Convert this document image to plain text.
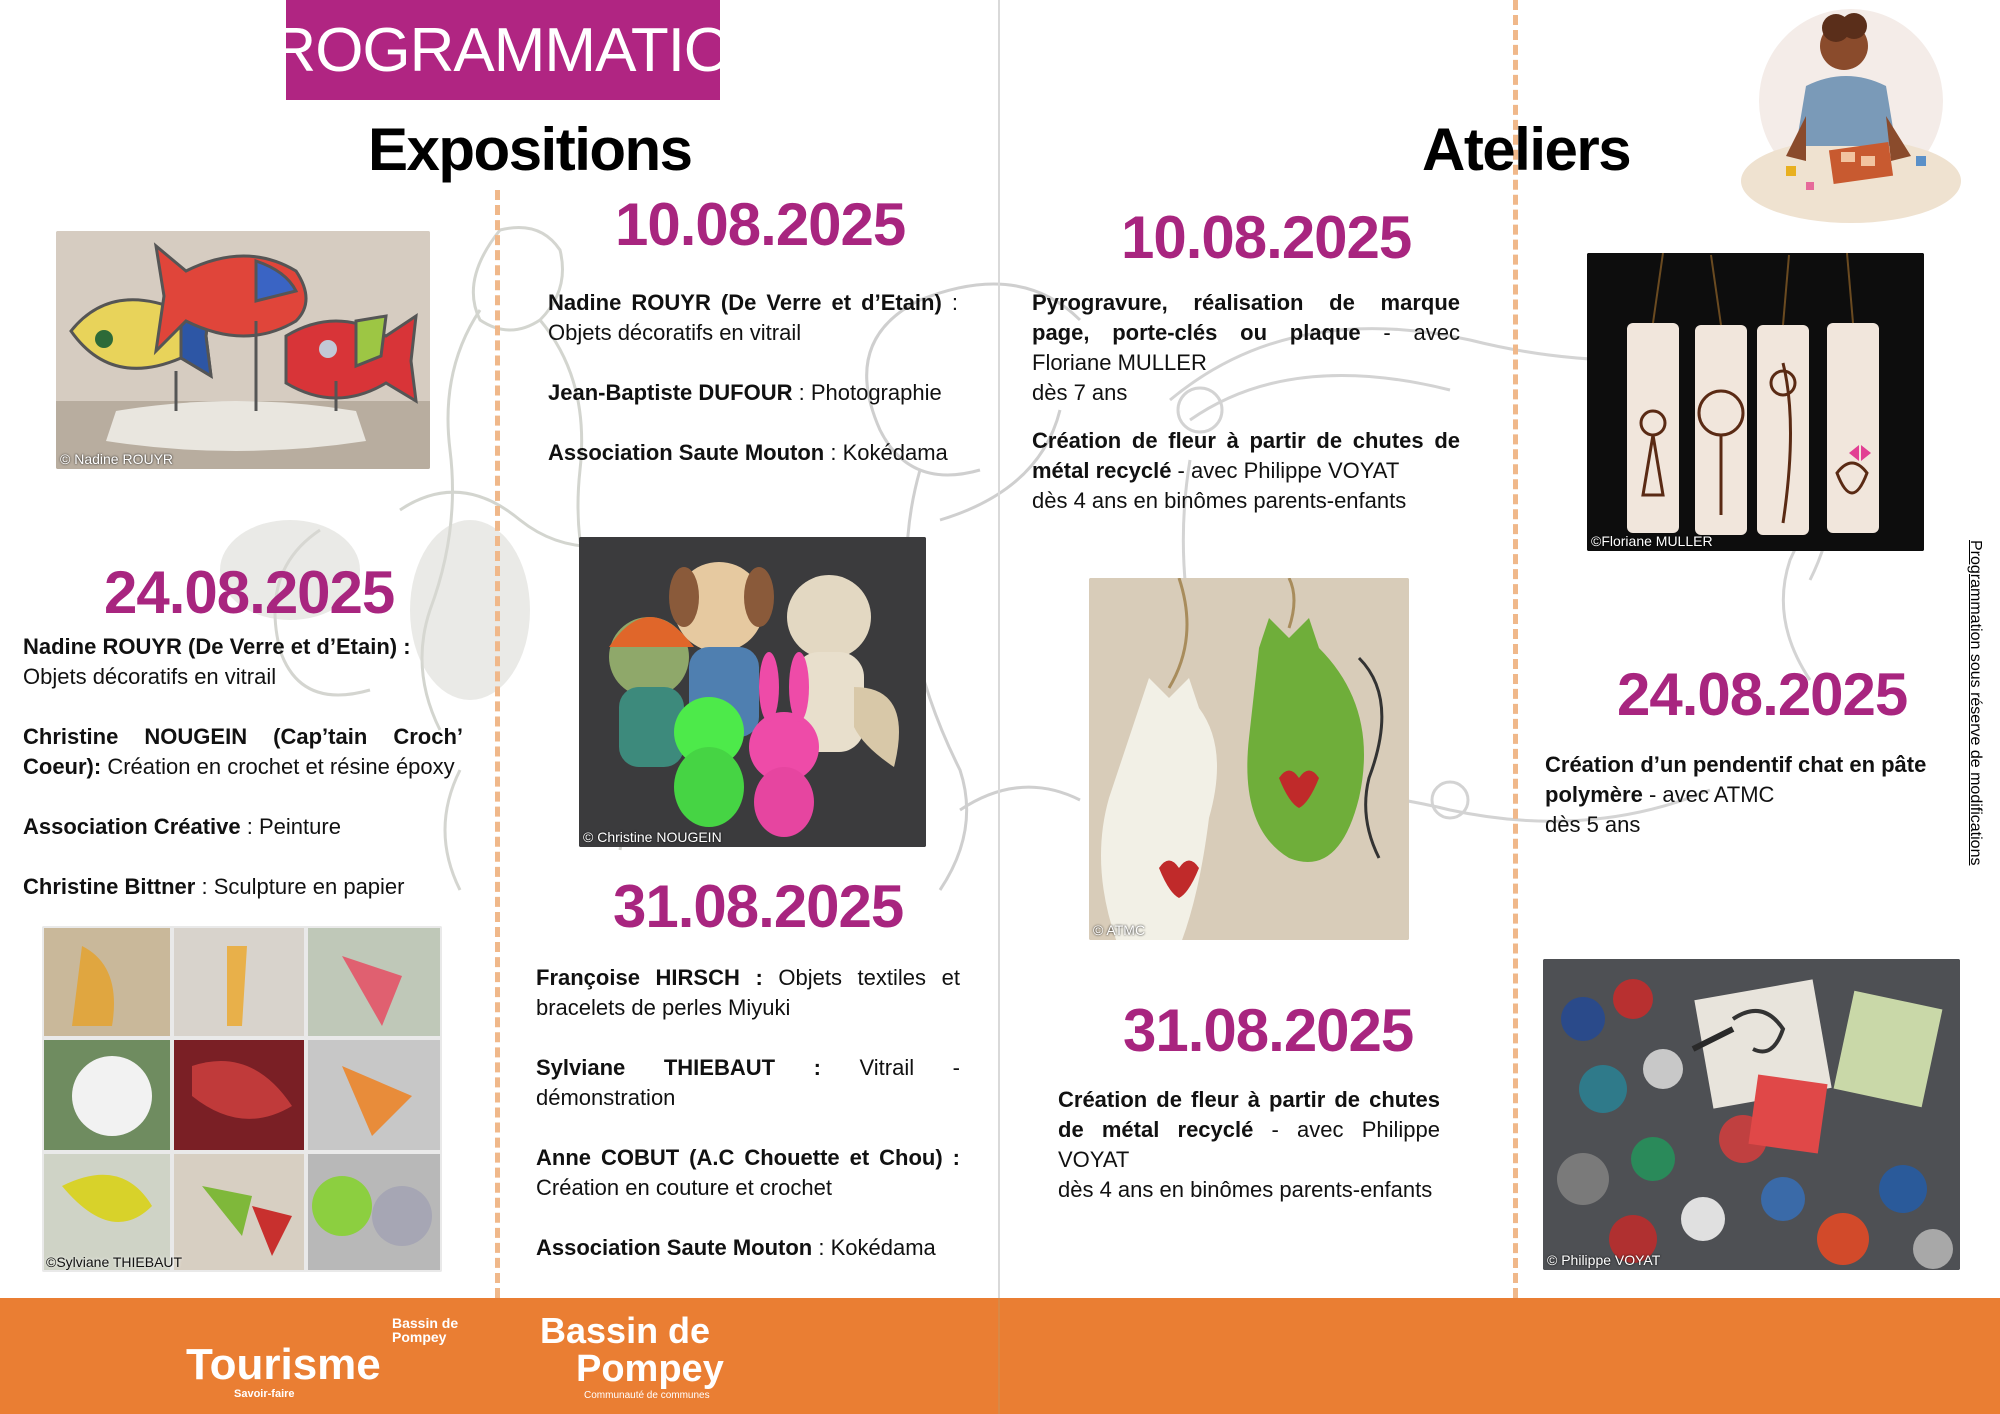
PROGRAMMATION
Expositions	Ateliers
© Nadine ROUYR
10.08.2025
Nadine ROUYR (De Verre et d’Etain) : Objets décoratifs en vitrail
Jean-Baptiste DUFOUR : Photographie
Association Saute Mouton : Kokédama
© Christine NOUGEIN
24.08.2025
Nadine ROUYR (De Verre et d’Etain) :
Objets décoratifs en vitrail
Christine NOUGEIN (Cap’tain Croch’ Coeur): Création en crochet et résine époxy
Association Créative : Peinture
Christine Bittner : Sculpture en papier
©Sylviane THIEBAUT
31.08.2025
Françoise HIRSCH : Objets textiles et bracelets de perles Miyuki
Sylviane THIEBAUT : Vitrail - démonstration
Anne COBUT (A.C Chouette et Chou) : Création en couture et crochet
Association Saute Mouton : Kokédama
10.08.2025
Pyrogravure, réalisation de marque page, porte-clés ou plaque - avec Floriane MULLER
dès 7 ans
Création de fleur à partir de chutes de métal recyclé - avec Philippe VOYAT
dès 4 ans en binômes parents-enfants
©Floriane MULLER
© ATMC
24.08.2025
Création d’un pendentif chat en pâte polymère - avec ATMC
dès 5 ans	Programmation sous réserve de modifications
31.08.2025
Création de fleur à partir de chutes de métal recyclé - avec Philippe VOYAT
dès 4 ans en binômes parents-enfants
© Philippe VOYAT
Bassin de Pompey
Tourisme
Savoir-faire
Bassin de
Pompey
Communauté de communes
